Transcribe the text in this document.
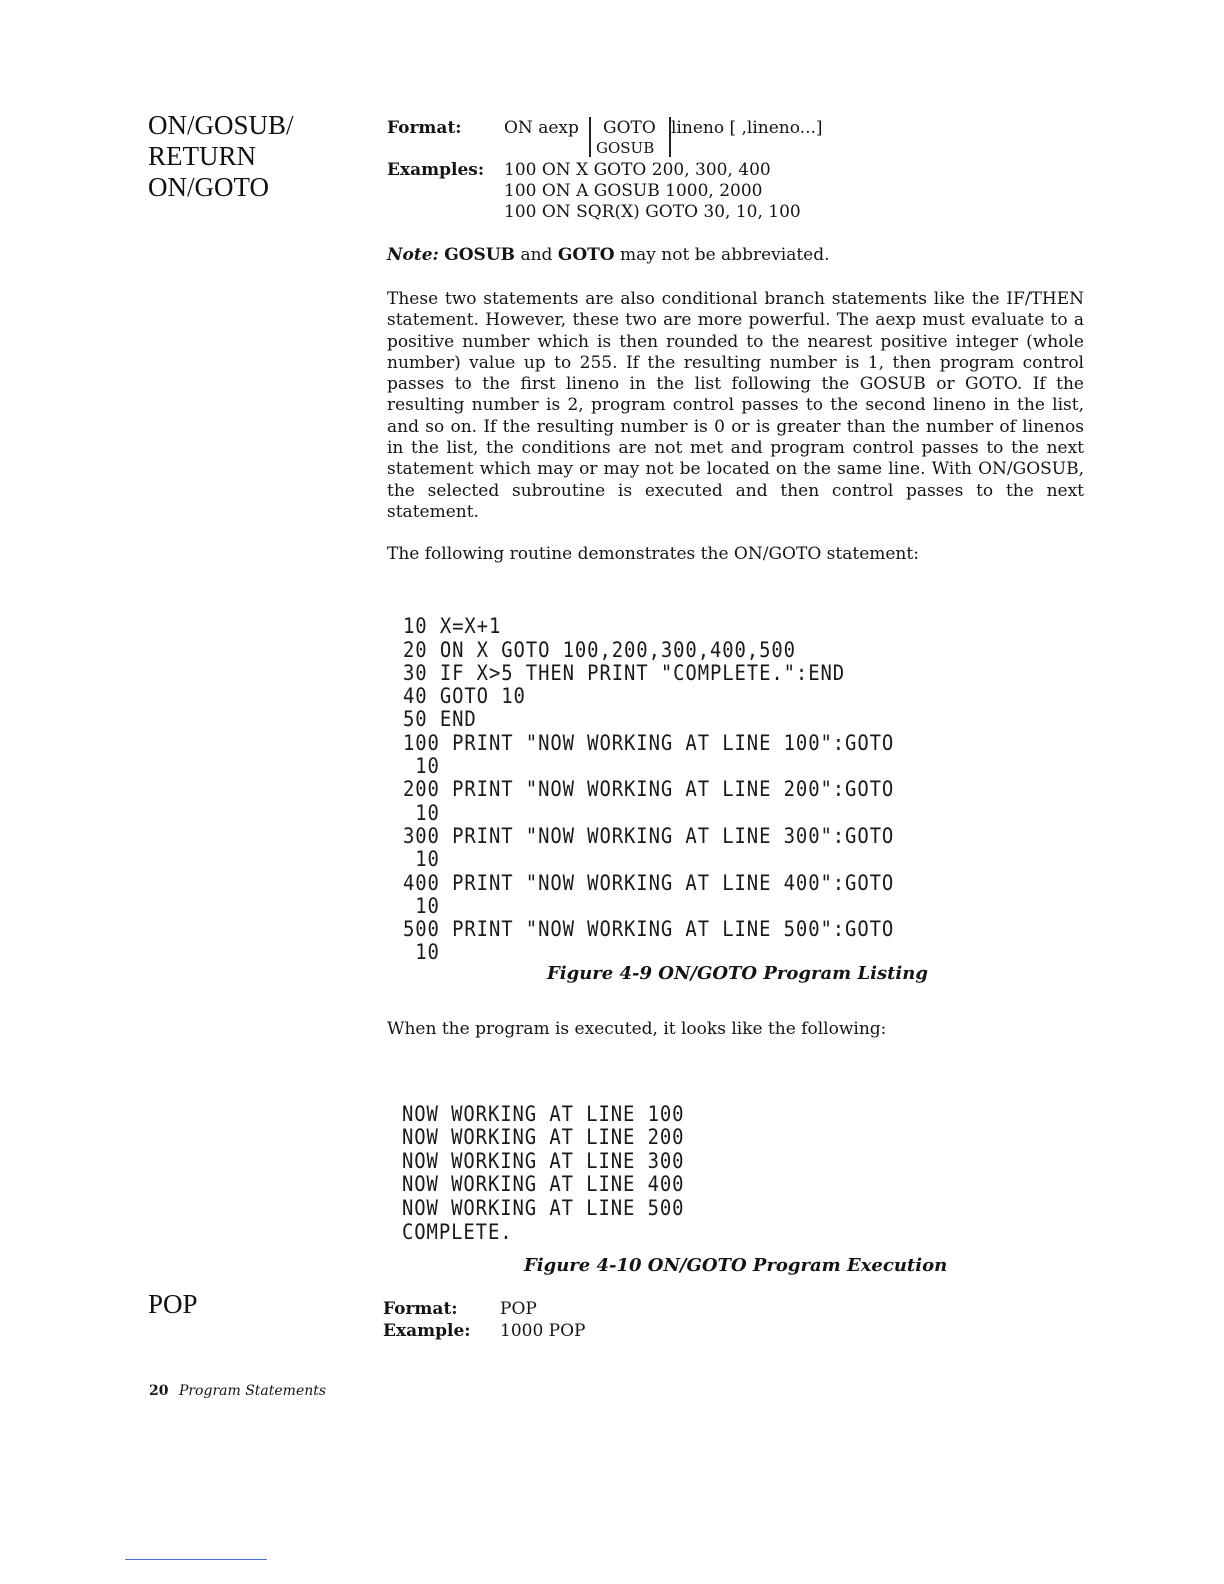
ON/GOSUB/
RETURN
ON/GOTO
POP
Format: ON aexp GOTO
GOSUB
lineno [ ,lineno...]
Examples: 100 ON X GOTO 200, 300, 400
100 ON A GOSUB 1000, 2000
100 ON SQR(X) GOTO 30, 10, 100
Note: GOSUB and GOTO may not be abbreviated.

These two statements are also conditional branch statements like the IF/THEN statement. However, these two are more powerful. The aexp must evaluate to a positive number which is then rounded to the nearest positive integer (whole number) value up to 255. If the resulting number is 1, then program control passes to the first lineno in the list following the GOSUB or GOTO. If the resulting number is 2, program control passes to the second lineno in the list, and so on. If the resulting number is 0 or is greater than the number of linenos in the list, the conditions are not met and program control passes to the next statement which may or may not be located on the same line. With ON/GOSUB, the selected subroutine is executed and then control passes to the next statement.

The following routine demonstrates the ON/GOTO statement:

10 X=X+1
20 ON X GOTO 100,200,300,400,500
30 IF X>5 THEN PRINT "COMPLETE.":END
40 GOTO 10
50 END
100 PRINT "NOW WORKING AT LINE 100":GOTO
10
200 PRINT "NOW WORKING AT LINE 200":GOTO
10
300 PRINT "NOW WORKING AT LINE 300":GOTO
10
400 PRINT "NOW WORKING AT LINE 400":GOTO
10
500 PRINT "NOW WORKING AT LINE 500":GOTO
10

Figure 4-9 ON/GOTO Program Listing
When the program is executed, it looks like the following:

NOW WORKING AT LINE 100
NOW WORKING AT LINE 200
NOW WORKING AT LINE 300
NOW WORKING AT LINE 400
NOW WORKING AT LINE 500
COMPLETE.

Figure 4-10 ON/GOTO Program Execution
Format: POP
Example: 1000 POP
20 Program Statements
